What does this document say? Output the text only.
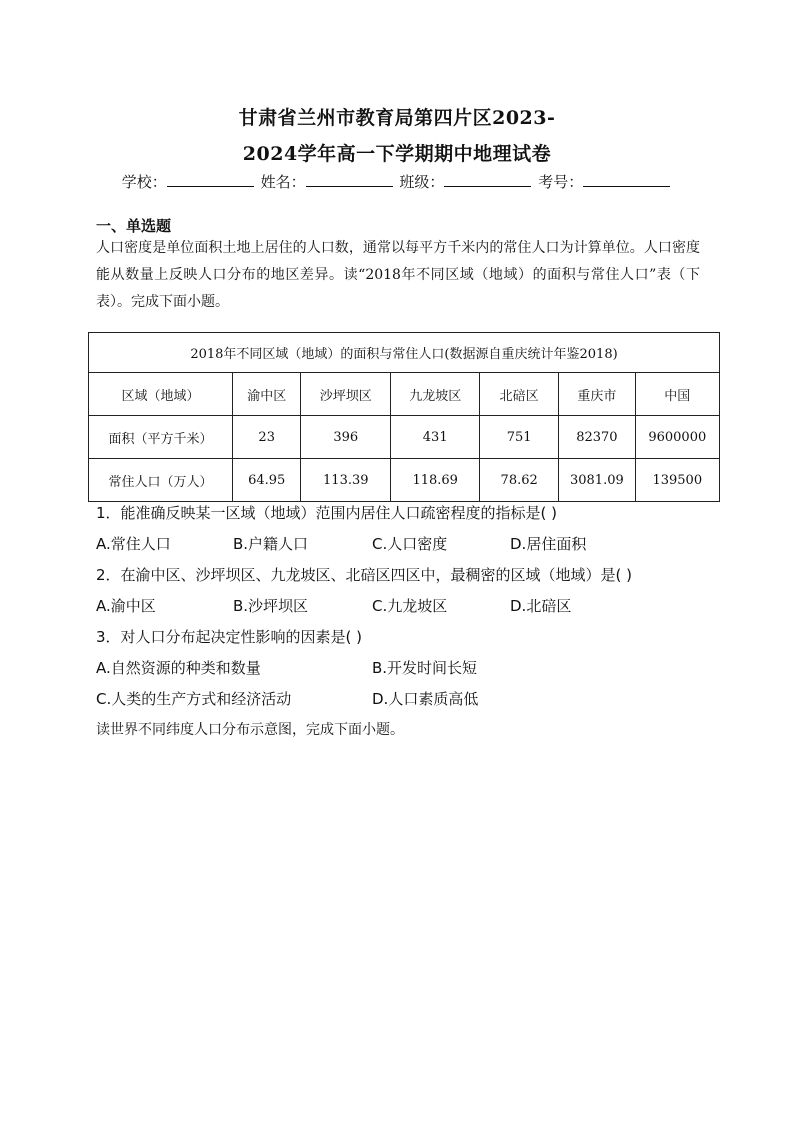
甘肃省兰州市教育局第四片区2023-
2024学年高一下学期期中地理试卷
学校：	姓名：	班级：	考号：
一、单选题
人口密度是单位面积土地上居住的人口数，通常以每平方千米内的常住人口为计算单位。人口密度能从数量上反映人口分布的地区差异。读“2018年不同区域（地域）的面积与常住人口”表（下表）。完成下面小题。
2018年不同区域（地域）的面积与常住人口(数据源自重庆统计年鉴2018)						
区域（地域）	渝中区	沙坪坝区	九龙坡区	北碚区	重庆市	中国
面积（平方千米）	23	396	431	751	82370	9600000
常住人口（万人）	64.95	113.39	118.69	78.62	3081.09	139500
1．能准确反映某一区域（地域）范围内居住人口疏密程度的指标是( )
A.常住人口	B.户籍人口	C.人口密度	D.居住面积
2．在渝中区、沙坪坝区、九龙坡区、北碚区四区中，最稠密的区域（地域）是( )
A.渝中区	B.沙坪坝区	C.九龙坡区	D.北碚区
3．对人口分布起决定性影响的因素是( )
A.自然资源的种类和数量	B.开发时间长短
C.人类的生产方式和经济活动	D.人口素质高低
读世界不同纬度人口分布示意图，完成下面小题。
